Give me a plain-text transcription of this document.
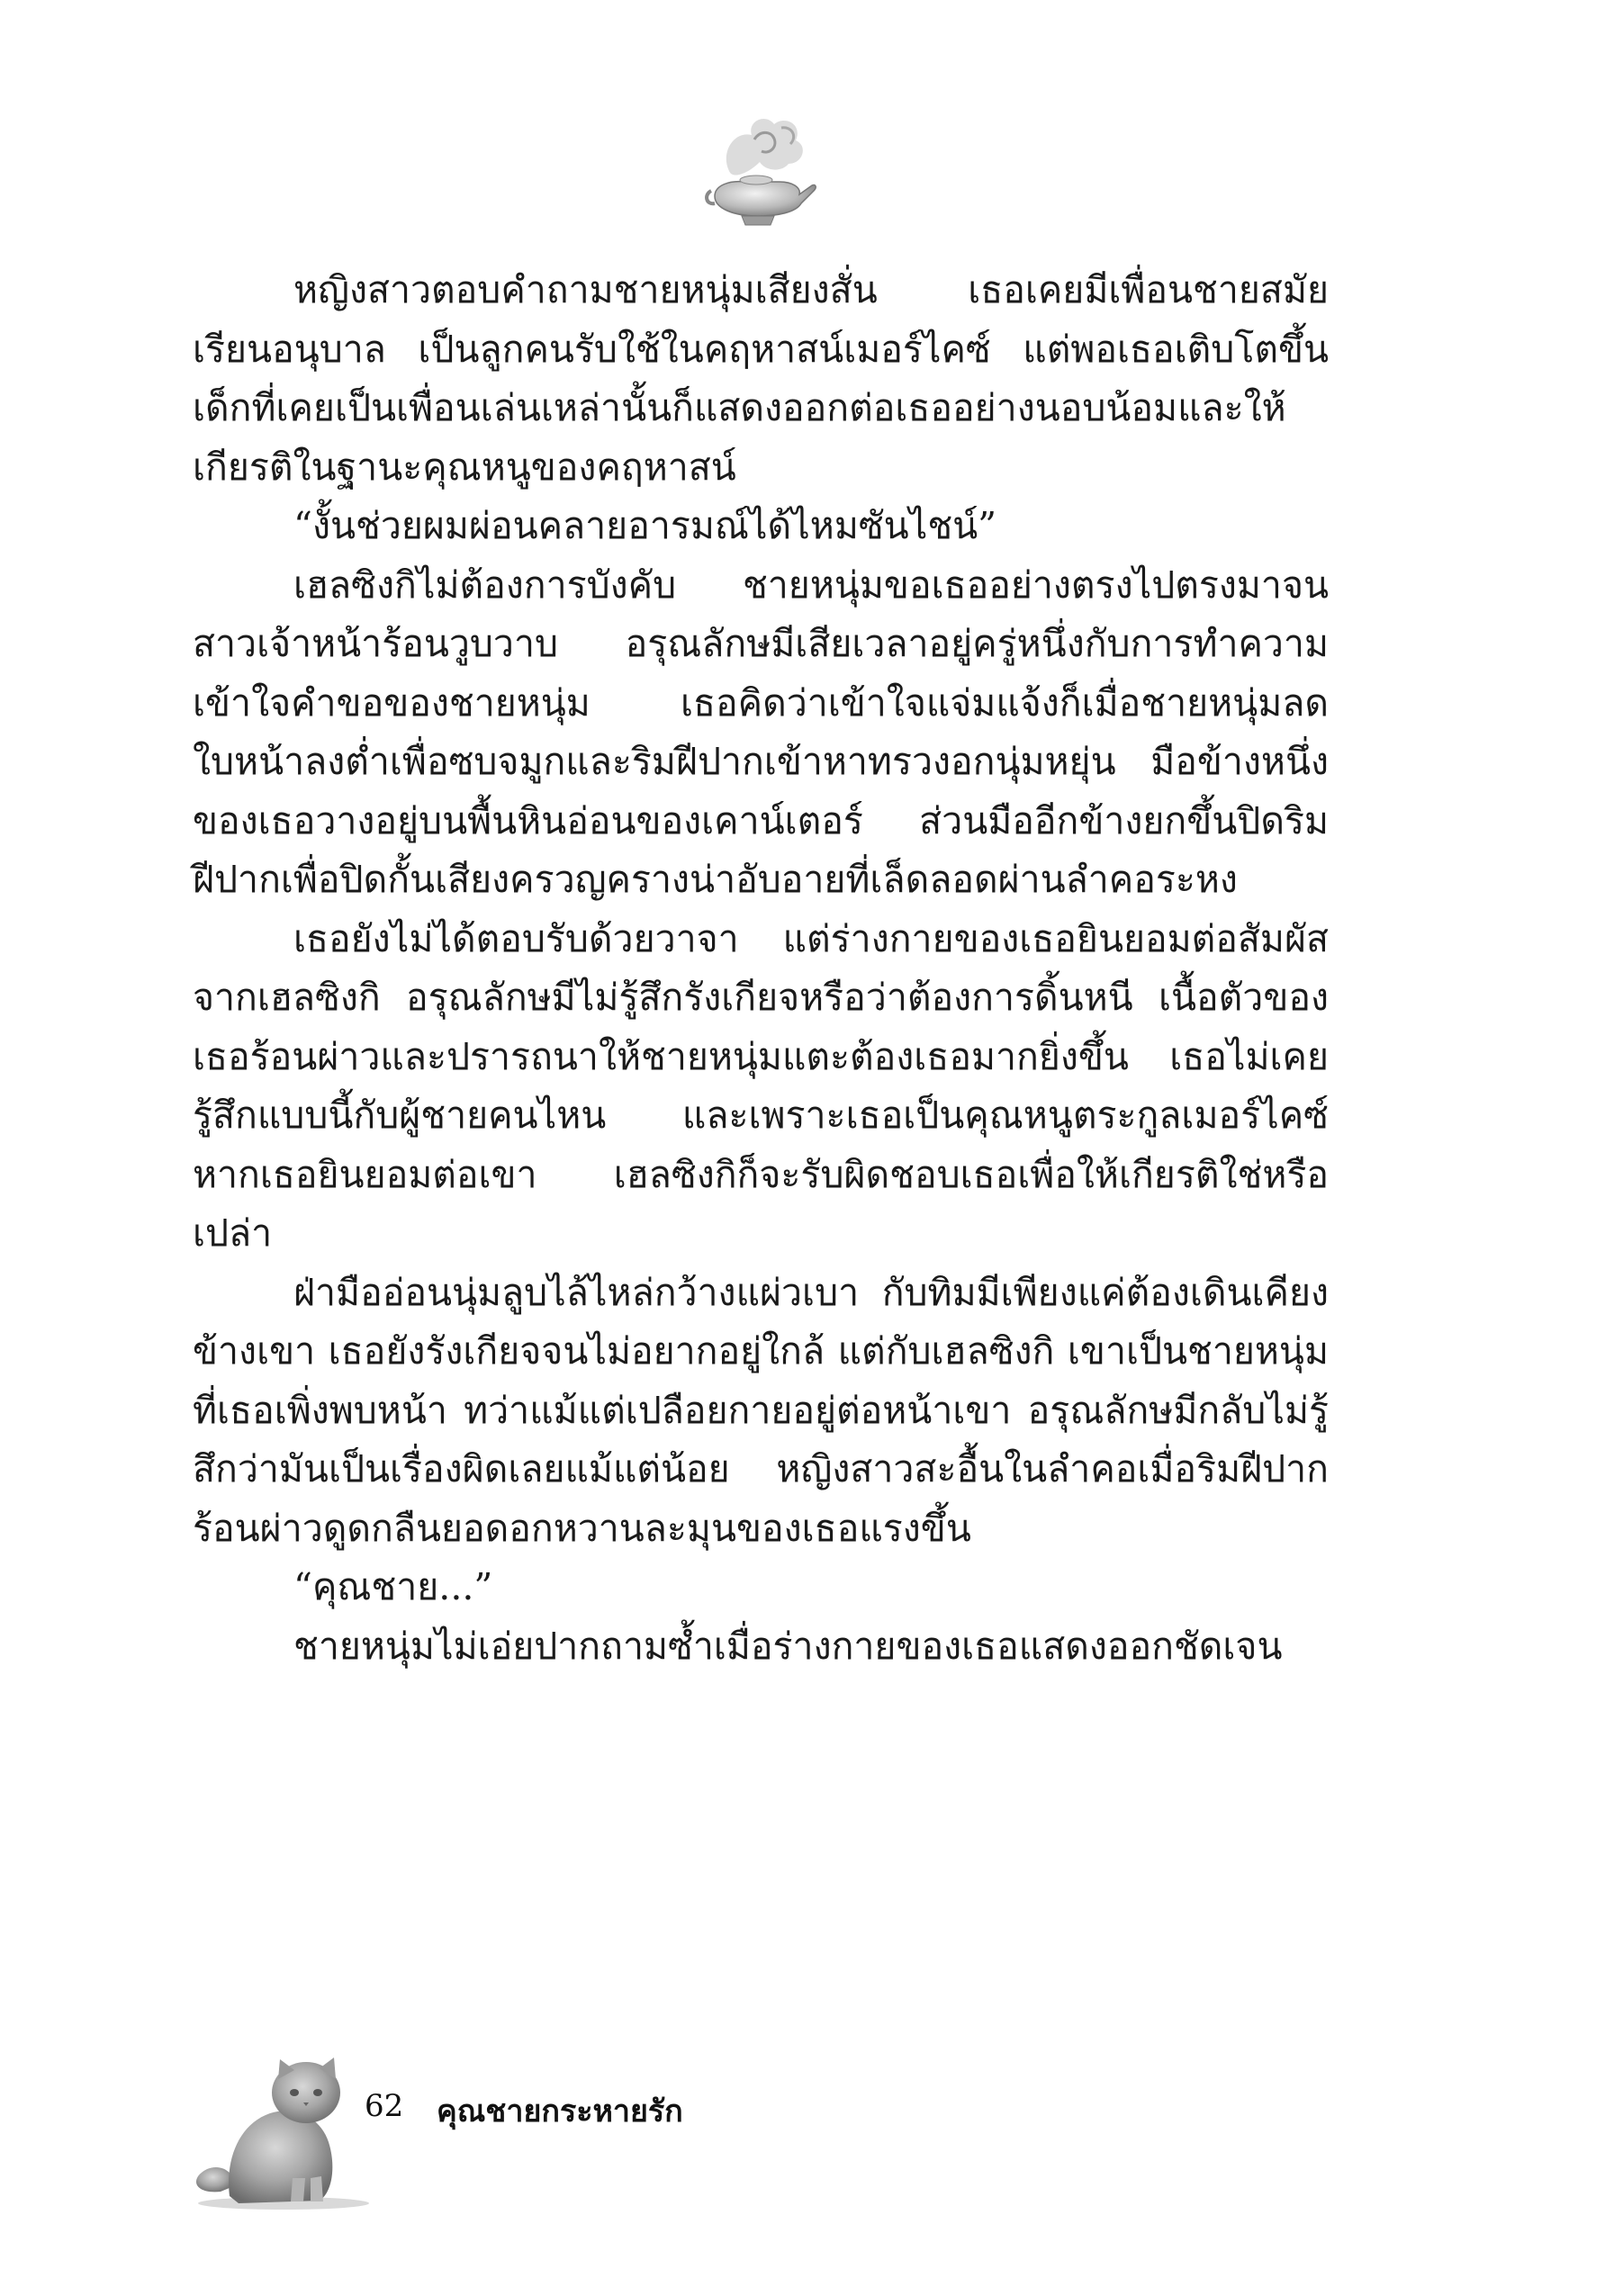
หญิงสาวตอบคำถามชายหนุ่มเสียงสั่น เธอเคยมีเพื่อนชายสมัยเรียนอนุบาล เป็นลูกคนรับใช้ในคฤหาสน์เมอร์ไคซ์ แต่พอเธอเติบโตขึ้น เด็กที่เคยเป็นเพื่อนเล่นเหล่านั้นก็แสดงออกต่อเธออย่างนอบน้อมและให้เกียรติในฐานะคุณหนูของคฤหาสน์

“งั้นช่วยผมผ่อนคลายอารมณ์ได้ไหมซันไชน์”

เฮลซิงกิไม่ต้องการบังคับ ชายหนุ่มขอเธออย่างตรงไปตรงมาจนสาวเจ้าหน้าร้อนวูบวาบ อรุณลักษมีเสียเวลาอยู่ครู่หนึ่งกับการทำความเข้าใจคำขอของชายหนุ่ม เธอคิดว่าเข้าใจแจ่มแจ้งก็เมื่อชายหนุ่มลดใบหน้าลงต่ำเพื่อซบจมูกและริมฝีปากเข้าหาทรวงอกนุ่มหยุ่น มือข้างหนึ่งของเธอวางอยู่บนพื้นหินอ่อนของเคาน์เตอร์ ส่วนมืออีกข้างยกขึ้นปิดริมฝีปากเพื่อปิดกั้นเสียงครวญครางน่าอับอายที่เล็ดลอดผ่านลำคอระหง

เธอยังไม่ได้ตอบรับด้วยวาจา แต่ร่างกายของเธอยินยอมต่อสัมผัสจากเฮลซิงกิ อรุณลักษมีไม่รู้สึกรังเกียจหรือว่าต้องการดิ้นหนี เนื้อตัวของเธอร้อนผ่าวและปรารถนาให้ชายหนุ่มแตะต้องเธอมากยิ่งขึ้น เธอไม่เคยรู้สึกแบบนี้กับผู้ชายคนไหน และเพราะเธอเป็นคุณหนูตระกูลเมอร์ไคซ์ หากเธอยินยอมต่อเขา เฮลซิงกิก็จะรับผิดชอบเธอเพื่อให้เกียรติใช่หรือเปล่า

ฝ่ามืออ่อนนุ่มลูบไล้ไหล่กว้างแผ่วเบา กับทิมมีเพียงแค่ต้องเดินเคียงข้างเขา เธอยังรังเกียจจนไม่อยากอยู่ใกล้ แต่กับเฮลซิงกิ เขาเป็นชายหนุ่มที่เธอเพิ่งพบหน้า ทว่าแม้แต่เปลือยกายอยู่ต่อหน้าเขา อรุณลักษมีกลับไม่รู้สึกว่ามันเป็นเรื่องผิดเลยแม้แต่น้อย หญิงสาวสะอื้นในลำคอเมื่อริมฝีปากร้อนผ่าวดูดกลืนยอดอกหวานละมุนของเธอแรงขึ้น

“คุณชาย...”

ชายหนุ่มไม่เอ่ยปากถามซ้ำเมื่อร่างกายของเธอแสดงออกชัดเจน

62 คุณชายกระหายรัก
